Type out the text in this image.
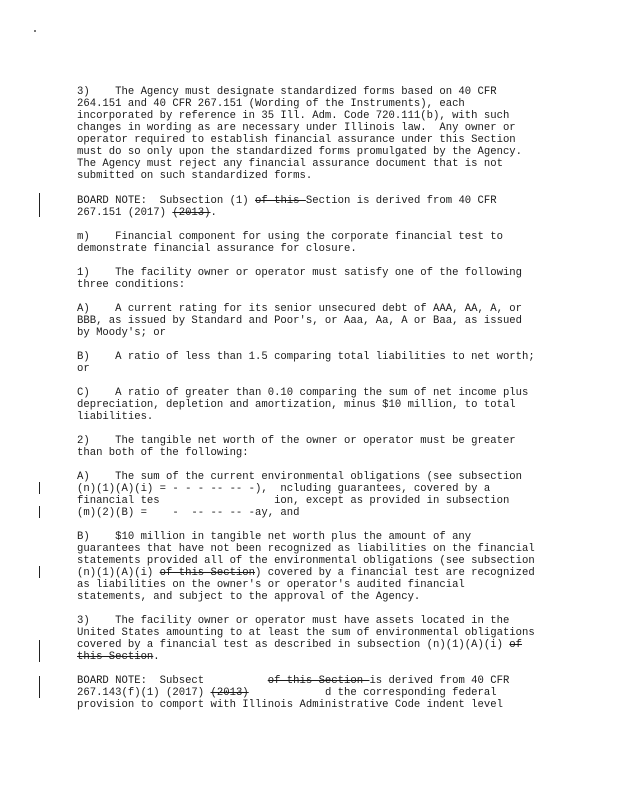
3)    The Agency must designate standardized forms based on 40 CFR
264.151 and 40 CFR 267.151 (Wording of the Instruments), each
incorporated by reference in 35 Ill. Adm. Code 720.111(b), with such
changes in wording as are necessary under Illinois law.  Any owner or
operator required to establish financial assurance under this Section
must do so only upon the standardized forms promulgated by the Agency.
The Agency must reject any financial assurance document that is not
submitted on such standardized forms.
BOARD NOTE:  Subsection (1) of this Section is derived from 40 CFR
267.151 (2017) (2013).
m)    Financial component for using the corporate financial test to
demonstrate financial assurance for closure.
1)    The facility owner or operator must satisfy one of the following
three conditions:
A)    A current rating for its senior unsecured debt of AAA, AA, A, or
BBB, as issued by Standard and Poor's, or Aaa, Aa, A or Baa, as issued
by Moody's; or
B)    A ratio of less than 1.5 comparing total liabilities to net worth;
or
C)    A ratio of greater than 0.10 comparing the sum of net income plus
depreciation, depletion and amortization, minus $10 million, to total
liabilities.
2)    The tangible net worth of the owner or operator must be greater
than both of the following:
A)    The sum of the current environmental obligations (see subsection
(n)(1)(A)(i) = - - - -- -- -),  ncluding guarantees, covered by a
financial tes                  ion, except as provided in subsection
(m)(2)(B) =    -  -- -- -- -ay, and
B)    $10 million in tangible net worth plus the amount of any
guarantees that have not been recognized as liabilities on the financial
statements provided all of the environmental obligations (see subsection
(n)(1)(A)(i) of this Section) covered by a financial test are recognized
as liabilities on the owner's or operator's audited financial
statements, and subject to the approval of the Agency.
3)    The facility owner or operator must have assets located in the
United States amounting to at least the sum of environmental obligations
covered by a financial test as described in subsection (n)(1)(A)(i) of
this Section.
BOARD NOTE:  Subsect          of this Section is derived from 40 CFR
267.143(f)(1) (2017) (2013)            d the corresponding federal
provision to comport with Illinois Administrative Code indent level
